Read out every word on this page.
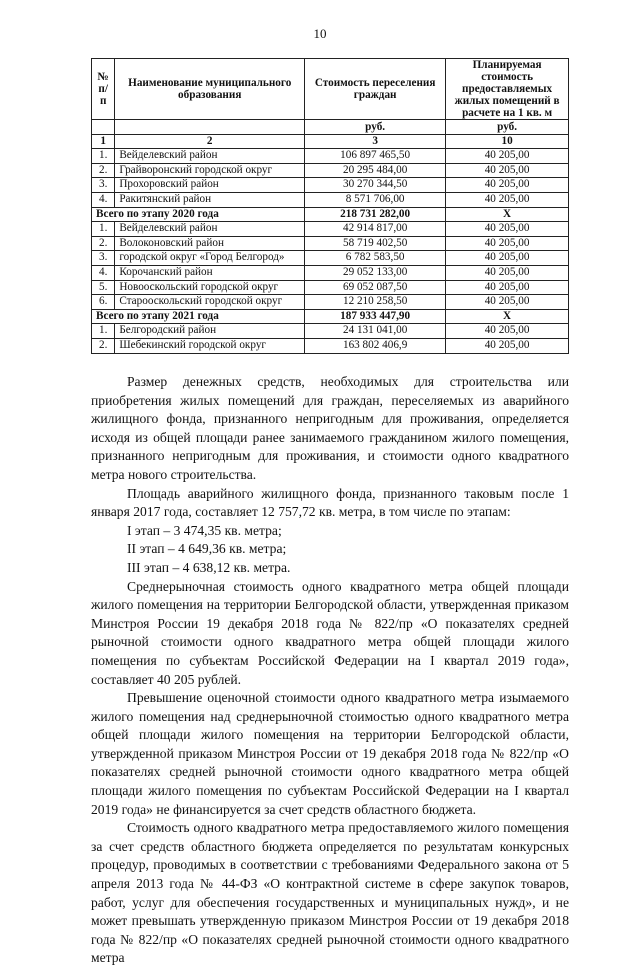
10
№ п/п	Наименование муниципального образования	Стоимость переселения граждан	Планируемая стоимость предоставляемых жилых помещений в расчете на 1 кв. м
		руб.	руб.
1	2	3	10
1.	Вейделевский район	106 897 465,50	40 205,00
2.	Грайворонский городской округ	20 295 484,00	40 205,00
3.	Прохоровский район	30 270 344,50	40 205,00
4.	Ракитянский район	8 571 706,00	40 205,00
Всего по этапу 2020 года		218 731 282,00	Х
1.	Вейделевский район	42 914 817,00	40 205,00
2.	Волоконовский район	58 719 402,50	40 205,00
3.	городской округ «Город Белгород»	6 782 583,50	40 205,00
4.	Корочанский район	29 052 133,00	40 205,00
5.	Новооскольский городской округ	69 052 087,50	40 205,00
6.	Старооскольский городской округ	12 210 258,50	40 205,00
Всего по этапу 2021 года		187 933 447,90	Х
1.	Белгородский район	24 131 041,00	40 205,00
2.	Шебекинский городской округ	163 802 406,9	40 205,00

Размер денежных средств, необходимых для строительства или приобретения жилых помещений для граждан, переселяемых из аварийного жилищного фонда, признанного непригодным для проживания, определяется исходя из общей площади ранее занимаемого гражданином жилого помещения, признанного непригодным для проживания, и стоимости одного квадратного метра нового строительства.

Площадь аварийного жилищного фонда, признанного таковым после 1 января 2017 года, составляет 12 757,72 кв. метра, в том числе по этапам:

I этап – 3 474,35 кв. метра;

II этап – 4 649,36 кв. метра;

III этап – 4 638,12 кв. метра.

Среднерыночная стоимость одного квадратного метра общей площади жилого помещения на территории Белгородской области, утвержденная приказом Минстроя России 19 декабря 2018 года № 822/пр «О показателях средней рыночной стоимости одного квадратного метра общей площади жилого помещения по субъектам Российской Федерации на I квартал 2019 года», составляет 40 205 рублей.

Превышение оценочной стоимости одного квадратного метра изымаемого жилого помещения над среднерыночной стоимостью одного квадратного метра общей площади жилого помещения на территории Белгородской области, утвержденной приказом Минстроя России от 19 декабря 2018 года № 822/пр «О показателях средней рыночной стоимости одного квадратного метра общей площади жилого помещения по субъектам Российской Федерации на I квартал 2019 года» не финансируется за счет средств областного бюджета.

Стоимость одного квадратного метра предоставляемого жилого помещения за счет средств областного бюджета определяется по результатам конкурсных процедур, проводимых в соответствии с требованиями Федерального закона от 5 апреля 2013 года № 44-ФЗ «О контрактной системе в сфере закупок товаров, работ, услуг для обеспечения государственных и муниципальных нужд», и не может превышать утвержденную приказом Минстроя России от 19 декабря 2018 года № 822/пр «О показателях средней рыночной стоимости одного квадратного метра
